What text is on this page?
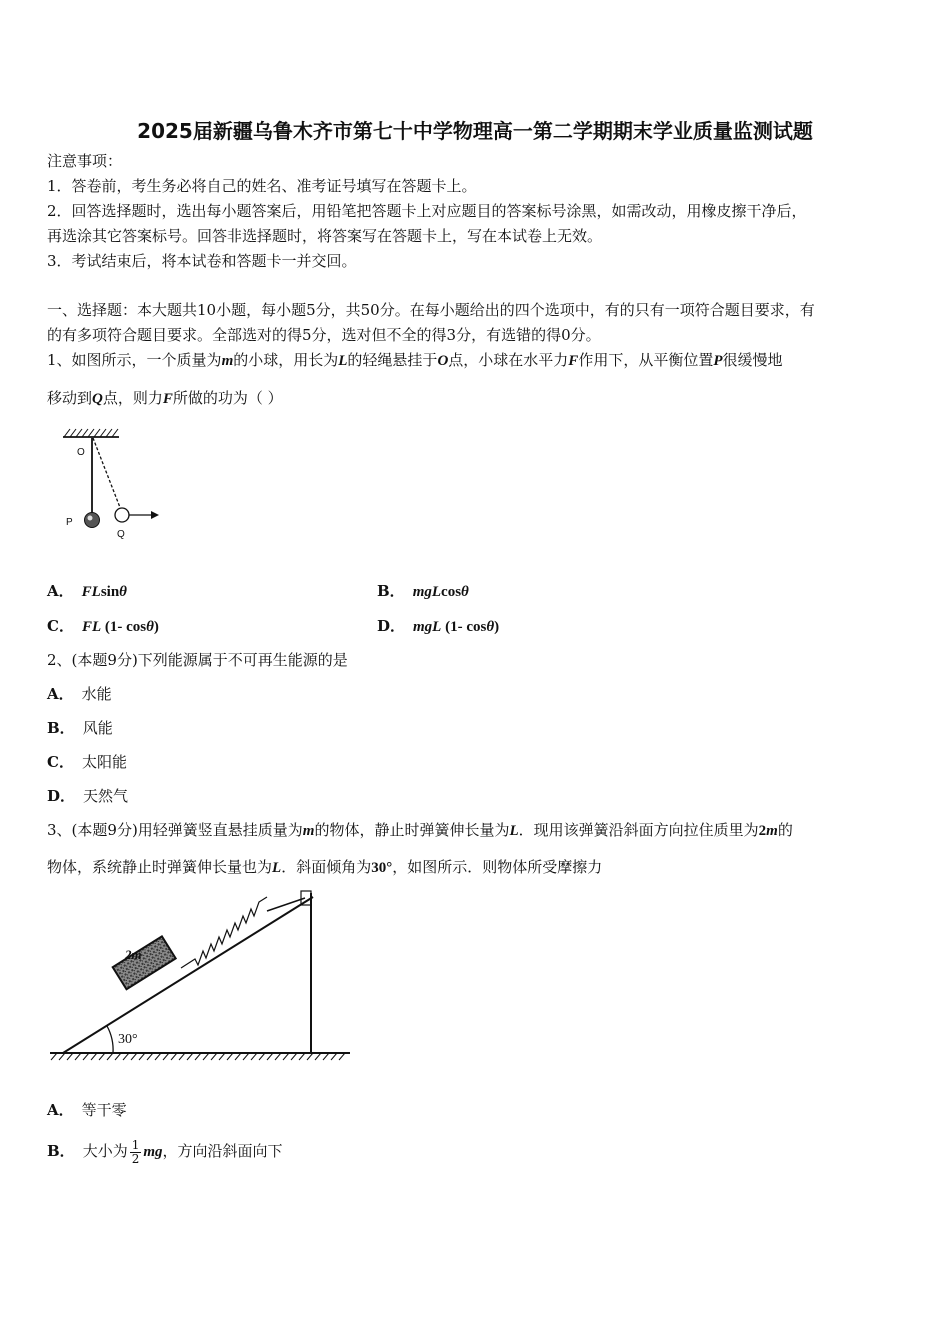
2025届新疆乌鲁木齐市第七十中学物理高一第二学期期末学业质量监测试题
注意事项：
1．答卷前，考生务必将自己的姓名、准考证号填写在答题卡上。
2．回答选择题时，选出每小题答案后，用铅笔把答题卡上对应题目的答案标号涂黑，如需改动，用橡皮擦干净后，
再选涂其它答案标号。回答非选择题时，将答案写在答题卡上，写在本试卷上无效。
3．考试结束后，将本试卷和答题卡一并交回。
一、选择题：本大题共10小题，每小题5分，共50分。在每小题给出的四个选项中，有的只有一项符合题目要求，有
的有多项符合题目要求。全部选对的得5分，选对但不全的得3分，有选错的得0分。
1、如图所示，一个质量为m的小球，用长为L的轻绳悬挂于O点，小球在水平力F作用下，从平衡位置P很缓慢地
移动到Q点，则力F所做的功为（ ）
O
P
Q
A． FLsinθ	B． mgLcosθ
C． FL (1- cosθ)	D． mgL (1- cosθ)
2、(本题9分)下列能源属于不可再生能源的是
A． 水能
B． 风能
C． 太阳能
D． 天然气
3、(本题9分)用轻弹簧竖直悬挂质量为m的物体，静止时弹簧伸长量为L．现用该弹簧沿斜面方向拉住质里为2m的
物体，系统静止时弹簧伸长量也为L．斜面倾角为30°，如图所示．则物体所受摩擦力
30°
2m
A． 等干零
B． 大小为 $\frac{1}{2}$ mg，方向沿斜面向下
